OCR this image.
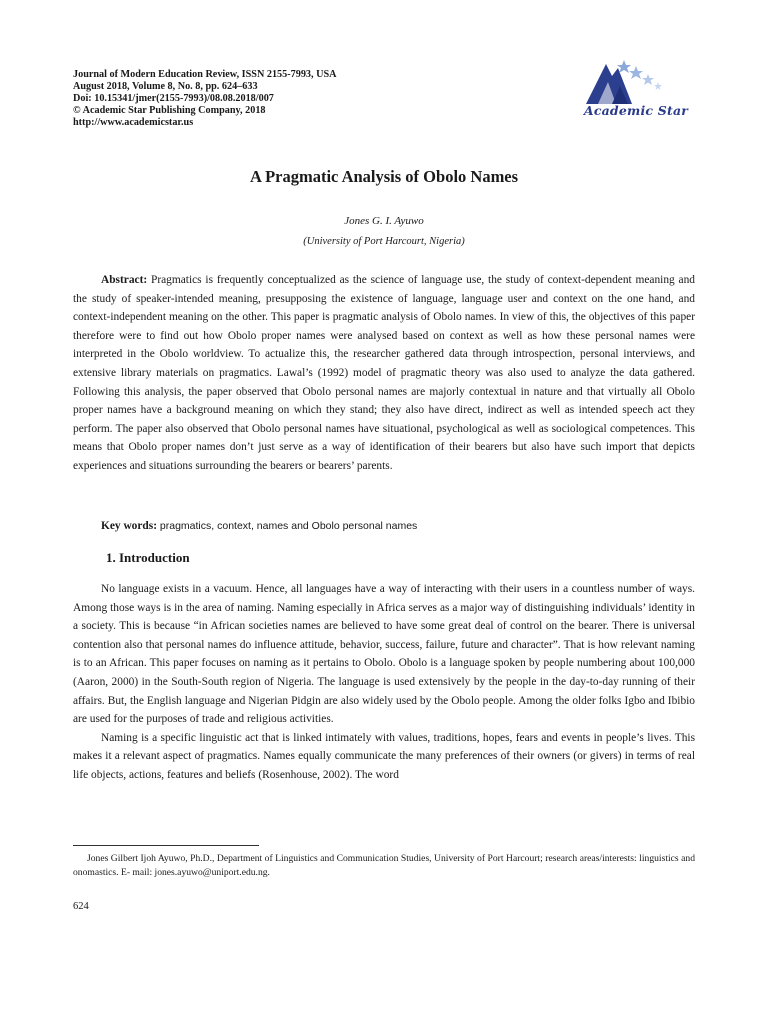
Journal of Modern Education Review, ISSN 2155-7993, USA
August 2018, Volume 8, No. 8, pp. 624–633
Doi: 10.15341/jmer(2155-7993)/08.08.2018/007
© Academic Star Publishing Company, 2018
http://www.academicstar.us
Academic Star
A Pragmatic Analysis of Obolo Names
Jones G. I. Ayuwo
(University of Port Harcourt, Nigeria)

Abstract: Pragmatics is frequently conceptualized as the science of language use, the study of context-dependent meaning and the study of speaker-intended meaning, presupposing the existence of language, language user and context on the one hand, and context-independent meaning on the other. This paper is pragmatic analysis of Obolo names. In view of this, the objectives of this paper therefore were to find out how Obolo proper names were analysed based on context as well as how these personal names were interpreted in the Obolo worldview. To actualize this, the researcher gathered data through introspection, personal interviews, and extensive library materials on pragmatics. Lawal’s (1992) model of pragmatic theory was also used to analyze the data gathered. Following this analysis, the paper observed that Obolo personal names are majorly contextual in nature and that virtually all Obolo proper names have a background meaning on which they stand; they also have direct, indirect as well as intended speech act they perform. The paper also observed that Obolo personal names have situational, psychological as well as sociological competences. This means that Obolo proper names don’t just serve as a way of identification of their bearers but also have such import that depicts experiences and situations surrounding the bearers or bearers’ parents.

Key words: pragmatics, context, names and Obolo personal names

1. Introduction

No language exists in a vacuum. Hence, all languages have a way of interacting with their users in a countless number of ways. Among those ways is in the area of naming. Naming especially in Africa serves as a major way of distinguishing individuals’ identity in a society. This is because “in African societies names are believed to have some great deal of control on the bearer. There is universal contention also that personal names do influence attitude, behavior, success, failure, future and character”. That is how relevant naming is to an African. This paper focuses on naming as it pertains to Obolo. Obolo is a language spoken by people numbering about 100,000 (Aaron, 2000) in the South-South region of Nigeria. The language is used extensively by the people in the day-to-day running of their affairs. But, the English language and Nigerian Pidgin are also widely used by the Obolo people. Among the older folks Igbo and Ibibio are used for the purposes of trade and religious activities.

Naming is a specific linguistic act that is linked intimately with values, traditions, hopes, fears and events in people’s lives. This makes it a relevant aspect of pragmatics. Names equally communicate the many preferences of their owners (or givers) in terms of real life objects, actions, features and beliefs (Rosenhouse, 2002). The word

Jones Gilbert Ijoh Ayuwo, Ph.D., Department of Linguistics and Communication Studies, University of Port Harcourt; research areas/interests: linguistics and onomastics. E- mail: jones.ayuwo@uniport.edu.ng.
624
